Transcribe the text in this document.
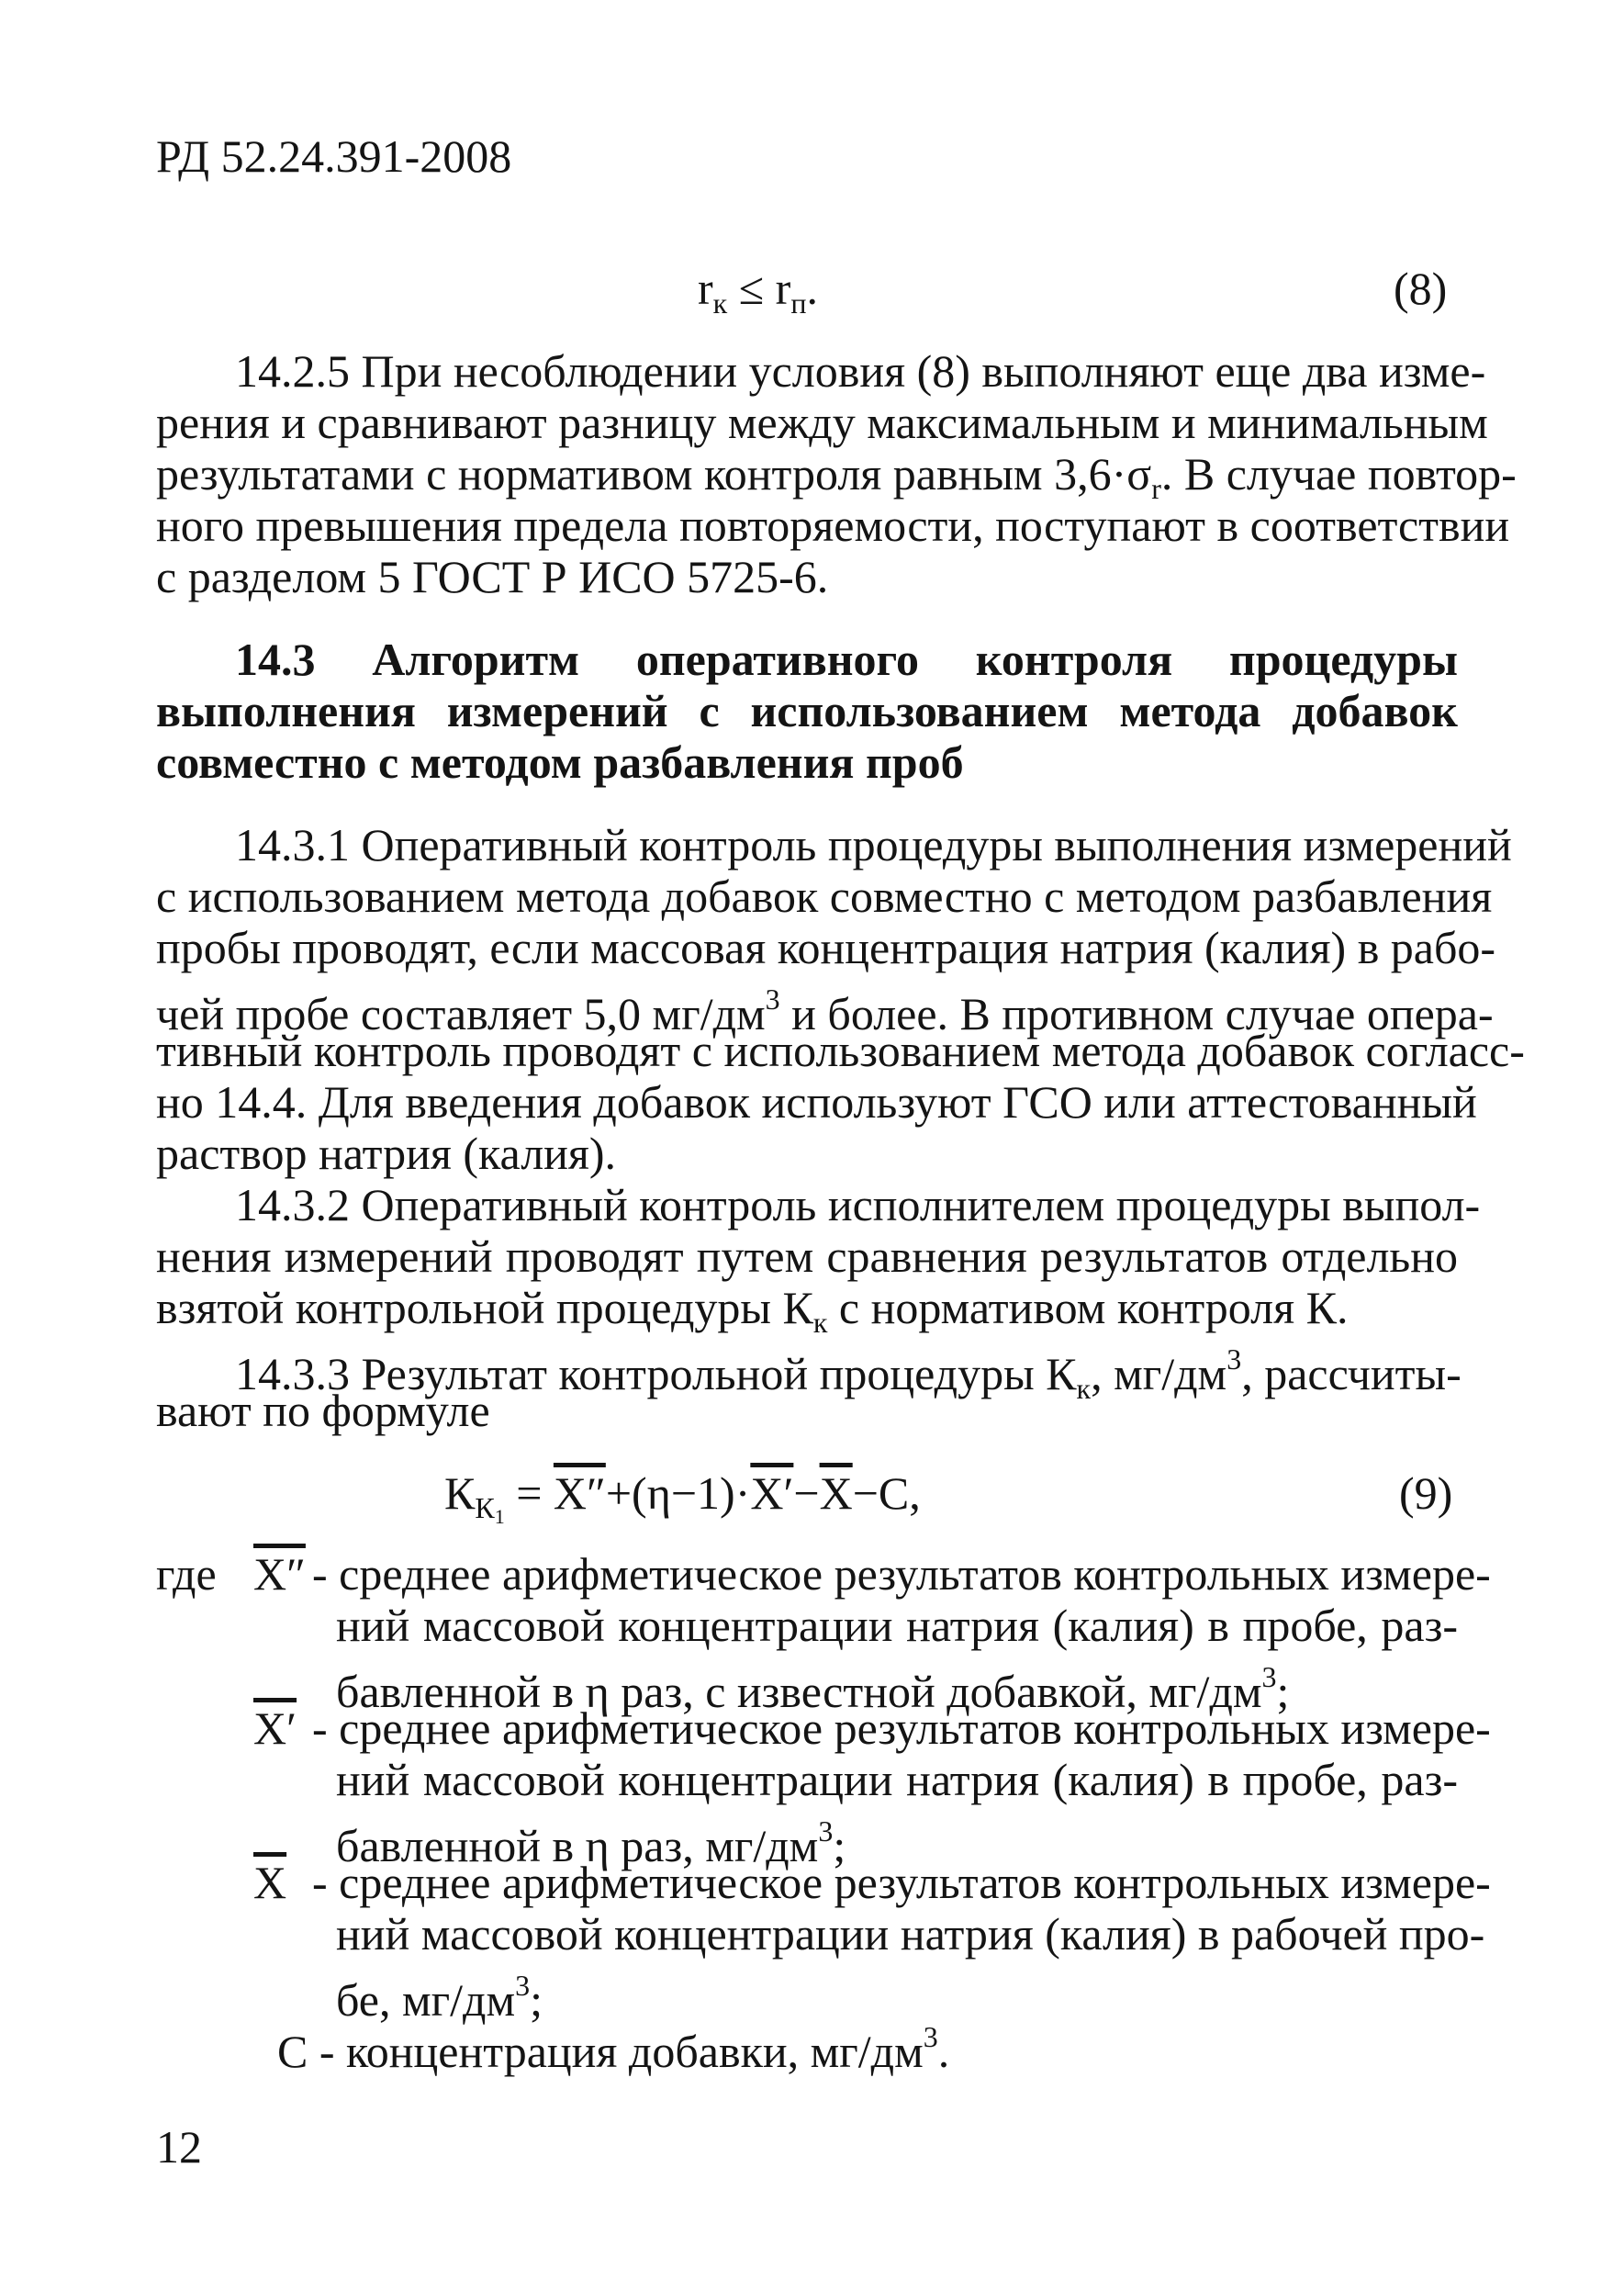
РД 52.24.391-2008
$r_к \le r_п$.	(8)
14.2.5 При несоблюдении условия (8) выполняют еще два изме-
рения и сравнивают разницу между максимальным и минимальным
результатами с нормативом контроля равным $3,6\cdot\sigma_r$. В случае повтор-
ного превышения предела повторяемости, поступают в соответствии
с разделом 5 ГОСТ Р ИСО 5725-6.
14.3 Алгоритм оперативного контроля процедуры
выполнения измерений с использованием метода добавок
совместно с методом разбавления проб
14.3.1 Оперативный контроль процедуры выполнения измерений
с использованием метода добавок совместно с методом разбавления
пробы проводят, если массовая концентрация натрия (калия) в рабо-
чей пробе составляет 5,0 $мг/дм^3$ и более. В противном случае опера-
тивный контроль проводят с использованием метода добавок согласс-
но 14.4. Для введения добавок используют ГСО или аттестованный
раствор натрия (калия).
14.3.2 Оперативный контроль исполнителем процедуры выпол-
нения измерений проводят путем сравнения результатов отдельно
взятой контрольной процедуры $К_к$ с нормативом контроля К.
14.3.3 Результат контрольной процедуры $К_к$, $мг/дм^3$, рассчиты-
вают по формуле
$К_{К1} = X''+(\eta-1)\cdot X'-\overline{X}-С$,	(9)
где X″ - среднее арифметическое результатов контрольных измере-
ний массовой концентрации натрия (калия) в пробе, раз-
бавленной в η раз, с известной добавкой, $мг/дм^3$;
X′ - среднее арифметическое результатов контрольных измере-
ний массовой концентрации натрия (калия) в пробе, раз-
бавленной в η раз, $мг/дм^3$;
$\overline{X}$ - среднее арифметическое результатов контрольных измере-
ний массовой концентрации натрия (калия) в рабочей про-
бе, $мг/дм^3$;
С - концентрация добавки, $мг/дм^3$.
12
